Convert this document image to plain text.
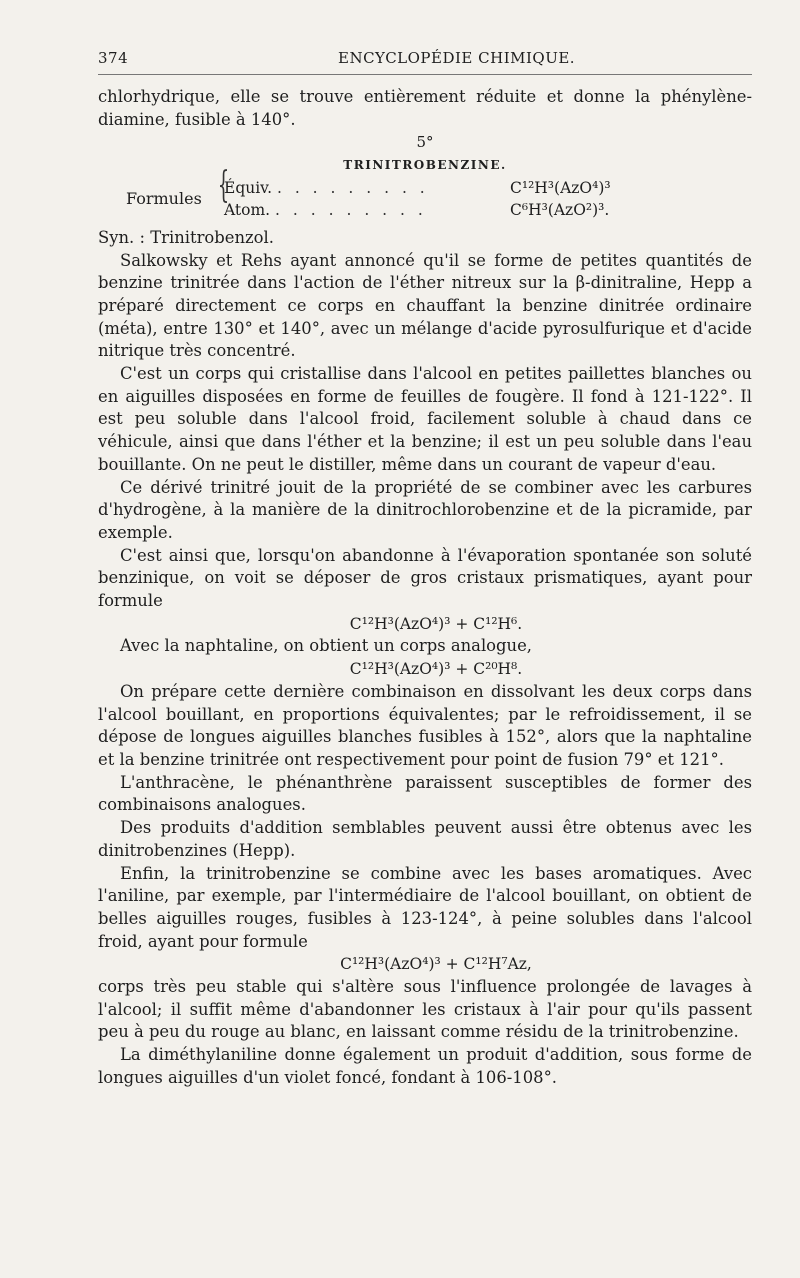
374	ENCYCLOPÉDIE CHIMIQUE.

chlorhydrique, elle se trouve entièrement réduite et donne la phénylène-diamine, fusible à 140°.

5°

TRINITROBENZINE.

Formules {
Équiv. . . . . . . . . .	C¹²H³(AzO⁴)³
Atom. . . . . . . . . .	C⁶H³(AzO²)³.

Syn. : Trinitrobenzol.

Salkowsky et Rehs ayant annoncé qu'il se forme de petites quantités de benzine trinitrée dans l'action de l'éther nitreux sur la β-dinitraline, Hepp a préparé directement ce corps en chauffant la benzine dinitrée ordinaire (méta), entre 130° et 140°, avec un mélange d'acide pyrosulfurique et d'acide nitrique très concentré.

C'est un corps qui cristallise dans l'alcool en petites paillettes blanches ou en aiguilles disposées en forme de feuilles de fougère. Il fond à 121-122°. Il est peu soluble dans l'alcool froid, facilement soluble à chaud dans ce véhicule, ainsi que dans l'éther et la benzine; il est un peu soluble dans l'eau bouillante. On ne peut le distiller, même dans un courant de vapeur d'eau.

Ce dérivé trinitré jouit de la propriété de se combiner avec les carbures d'hydrogène, à la manière de la dinitrochlorobenzine et de la picramide, par exemple.

C'est ainsi que, lorsqu'on abandonne à l'évaporation spontanée son soluté benzinique, on voit se déposer de gros cristaux prismatiques, ayant pour formule

C¹²H³(AzO⁴)³ + C¹²H⁶.

Avec la naphtaline, on obtient un corps analogue,

C¹²H³(AzO⁴)³ + C²⁰H⁸.

On prépare cette dernière combinaison en dissolvant les deux corps dans l'alcool bouillant, en proportions équivalentes; par le refroidissement, il se dépose de longues aiguilles blanches fusibles à 152°, alors que la naphtaline et la benzine trinitrée ont respectivement pour point de fusion 79° et 121°.

L'anthracène, le phénanthrène paraissent susceptibles de former des combinaisons analogues.

Des produits d'addition semblables peuvent aussi être obtenus avec les dinitrobenzines (Hepp).

Enfin, la trinitrobenzine se combine avec les bases aromatiques. Avec l'aniline, par exemple, par l'intermédiaire de l'alcool bouillant, on obtient de belles aiguilles rouges, fusibles à 123-124°, à peine solubles dans l'alcool froid, ayant pour formule

C¹²H³(AzO⁴)³ + C¹²H⁷Az,

corps très peu stable qui s'altère sous l'influence prolongée de lavages à l'alcool; il suffit même d'abandonner les cristaux à l'air pour qu'ils passent peu à peu du rouge au blanc, en laissant comme résidu de la trinitrobenzine.

La diméthylaniline donne également un produit d'addition, sous forme de longues aiguilles d'un violet foncé, fondant à 106-108°.
